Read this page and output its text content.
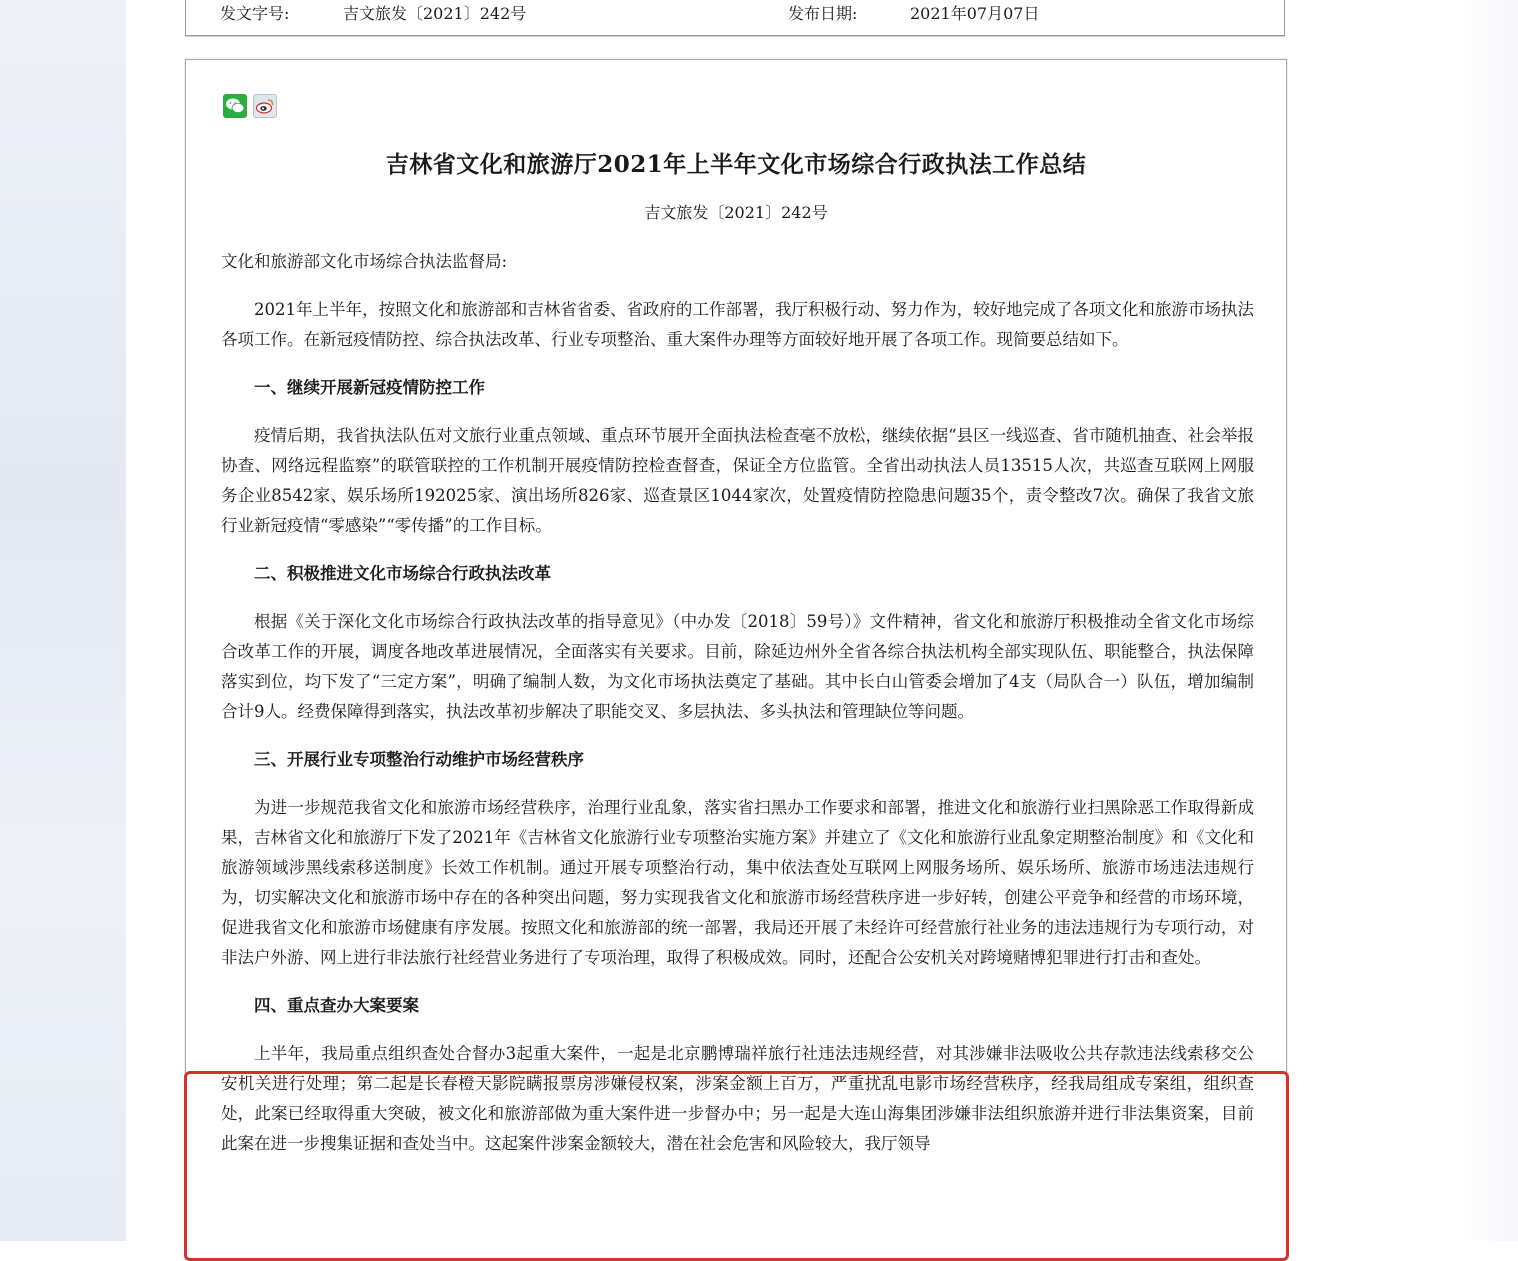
发文字号:	吉文旅发〔2021〕242号	发布日期:	2021年07月07日
吉林省文化和旅游厅2021年上半年文化市场综合行政执法工作总结
吉文旅发〔2021〕242号

文化和旅游部文化市场综合执法监督局:

2021年上半年，按照文化和旅游部和吉林省省委、省政府的工作部署，我厅积极行动、努力作为，较好地完成了各项文化和旅游市场执法各项工作。在新冠疫情防控、综合执法改革、行业专项整治、重大案件办理等方面较好地开展了各项工作。现简要总结如下。

一、继续开展新冠疫情防控工作

疫情后期，我省执法队伍对文旅行业重点领域、重点环节展开全面执法检查毫不放松，继续依据“县区一线巡查、省市随机抽查、社会举报协查、网络远程监察”的联管联控的工作机制开展疫情防控检查督查，保证全方位监管。全省出动执法人员13515人次，共巡查互联网上网服务企业8542家、娱乐场所192025家、演出场所826家、巡查景区1044家次，处置疫情防控隐患问题35个，责令整改7次。确保了我省文旅行业新冠疫情“零感染”“零传播”的工作目标。

二、积极推进文化市场综合行政执法改革

根据《关于深化文化市场综合行政执法改革的指导意见》（中办发〔2018〕59号）》文件精神，省文化和旅游厅积极推动全省文化市场综合改革工作的开展，调度各地改革进展情况，全面落实有关要求。目前，除延边州外全省各综合执法机构全部实现队伍、职能整合，执法保障落实到位，均下发了“三定方案”，明确了编制人数，为文化市场执法奠定了基础。其中长白山管委会增加了4支（局队合一）队伍，增加编制合计9人。经费保障得到落实，执法改革初步解决了职能交叉、多层执法、多头执法和管理缺位等问题。

三、开展行业专项整治行动维护市场经营秩序

为进一步规范我省文化和旅游市场经营秩序，治理行业乱象，落实省扫黑办工作要求和部署，推进文化和旅游行业扫黑除恶工作取得新成果，吉林省文化和旅游厅下发了2021年《吉林省文化旅游行业专项整治实施方案》并建立了《文化和旅游行业乱象定期整治制度》和《文化和旅游领域涉黑线索移送制度》长效工作机制。通过开展专项整治行动，集中依法查处互联网上网服务场所、娱乐场所、旅游市场违法违规行为，切实解决文化和旅游市场中存在的各种突出问题，努力实现我省文化和旅游市场经营秩序进一步好转，创建公平竞争和经营的市场环境，促进我省文化和旅游市场健康有序发展。按照文化和旅游部的统一部署，我局还开展了未经许可经营旅行社业务的违法违规行为专项行动，对非法户外游、网上进行非法旅行社经营业务进行了专项治理，取得了积极成效。同时，还配合公安机关对跨境赌博犯罪进行打击和查处。

四、重点查办大案要案

上半年，我局重点组织查处合督办3起重大案件，一起是北京鹏博瑞祥旅行社违法违规经营，对其涉嫌非法吸收公共存款违法线索移交公安机关进行处理；第二起是长春橙天影院瞒报票房涉嫌侵权案，涉案金额上百万，严重扰乱电影市场经营秩序，经我局组成专案组，组织查处，此案已经取得重大突破，被文化和旅游部做为重大案件进一步督办中；另一起是大连山海集团涉嫌非法组织旅游并进行非法集资案，目前此案在进一步搜集证据和查处当中。这起案件涉案金额较大，潜在社会危害和风险较大，我厅领导
